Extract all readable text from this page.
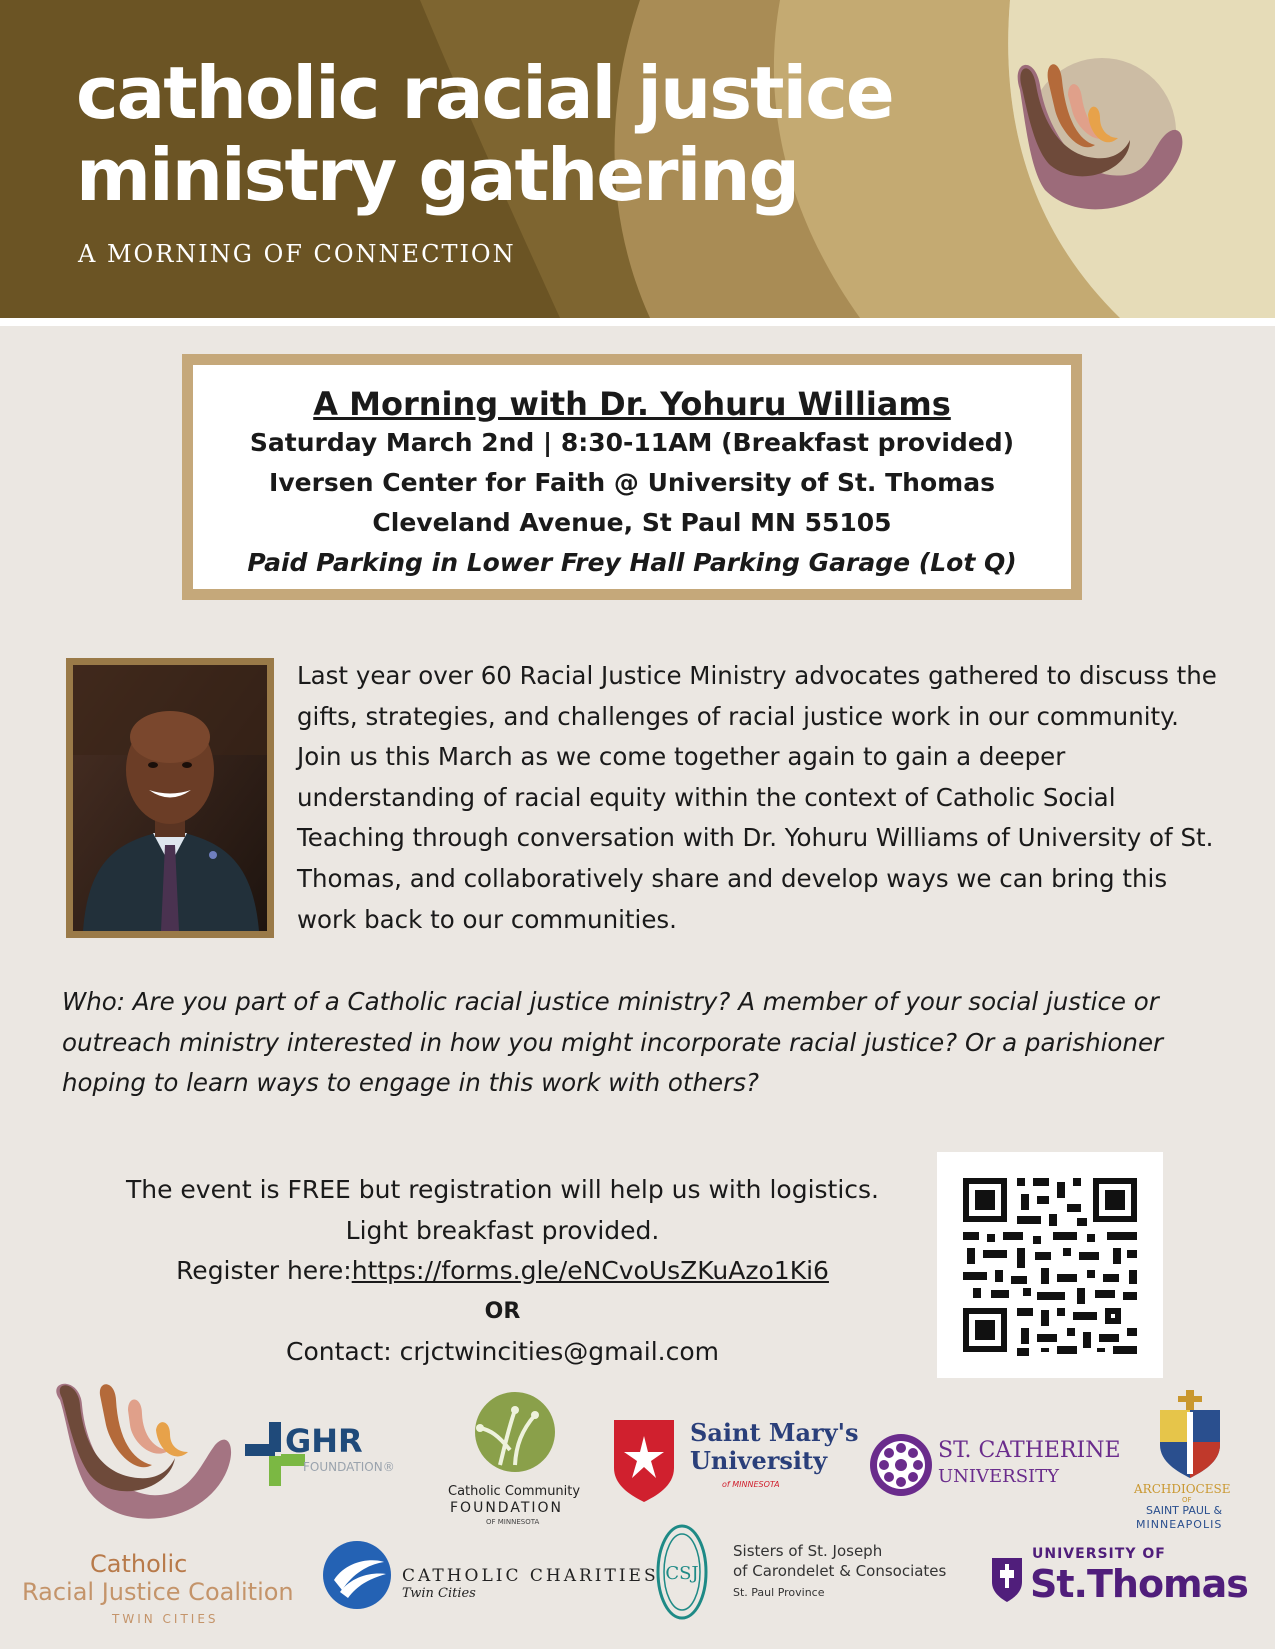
catholic racial justice
ministry gathering
A MORNING OF CONNECTION
A Morning with Dr. Yohuru Williams
Saturday March 2nd | 8:30-11AM (Breakfast provided)
Iversen Center for Faith @ University of St. Thomas
Cleveland Avenue, St Paul MN 55105
Paid Parking in Lower Frey Hall Parking Garage (Lot Q)
Last year over 60 Racial Justice Ministry advocates gathered to discuss the gifts, strategies, and challenges of racial justice work in our community. Join us this March as we come together again to gain a deeper understanding of racial equity within the context of Catholic Social Teaching through conversation with Dr. Yohuru Williams of University of St. Thomas, and collaboratively share and develop ways we can bring this work back to our communities.
Who: Are you part of a Catholic racial justice ministry? A member of your social justice or outreach ministry interested in how you might incorporate racial justice? Or a parishioner hoping to learn ways to engage in this work with others?
The event is FREE but registration will help us with logistics.
Light breakfast provided.
Register here:https://forms.gle/eNCvoUsZKuAzo1Ki6
OR
Contact: crjctwincities@gmail.com
Catholic
Racial Justice Coalition
TWIN CITIES
GHR
FOUNDATION®
Catholic Community
FOUNDATION
OF MINNESOTA
Saint Mary's
University
of MINNESOTA
ST. CATHERINE
UNIVERSITY
ARCHDIOCESE
OF
SAINT PAUL &
MINNEAPOLIS
CATHOLIC CHARITIES
Twin Cities
CSJ
Sisters of St. Joseph
of Carondelet & Consociates
St. Paul Province
UNIVERSITY OF
St.Thomas
